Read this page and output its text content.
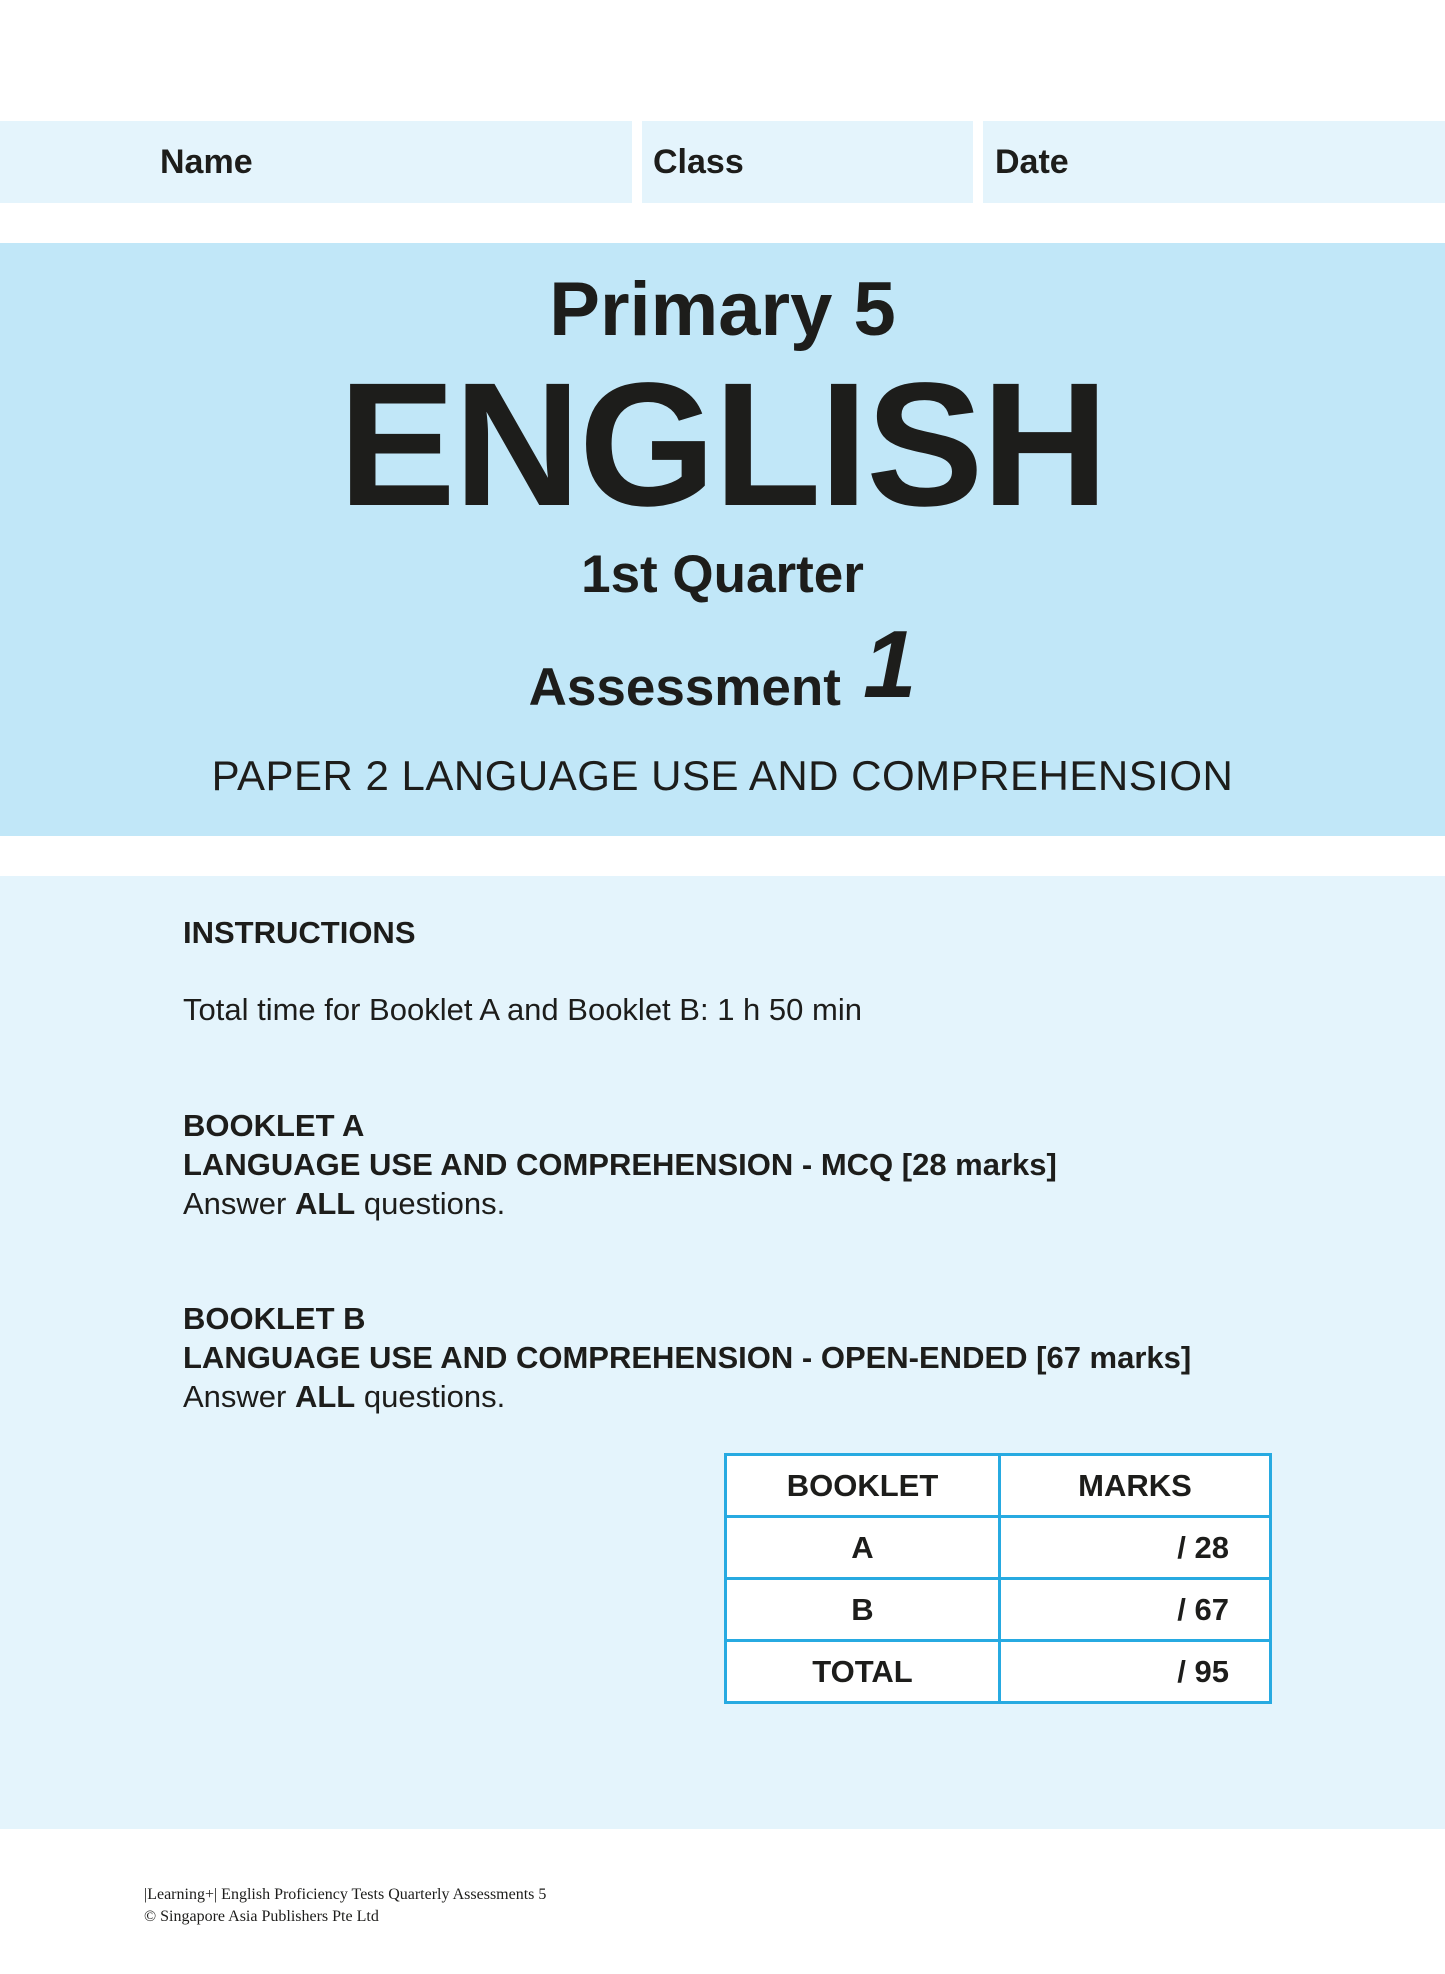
Name	Class	Date
Primary 5
ENGLISH
1st Quarter
Assessment 1
PAPER 2 LANGUAGE USE AND COMPREHENSION
INSTRUCTIONS
Total time for Booklet A and Booklet B: 1 h 50 min
BOOKLET A
LANGUAGE USE AND COMPREHENSION - MCQ [28 marks]
Answer ALL questions.
BOOKLET B
LANGUAGE USE AND COMPREHENSION - OPEN-ENDED [67 marks]
Answer ALL questions.
BOOKLET	MARKS
A	/ 28
B	/ 67
TOTAL	/ 95
|Learning+| English Proficiency Tests Quarterly Assessments 5
© Singapore Asia Publishers Pte Ltd
